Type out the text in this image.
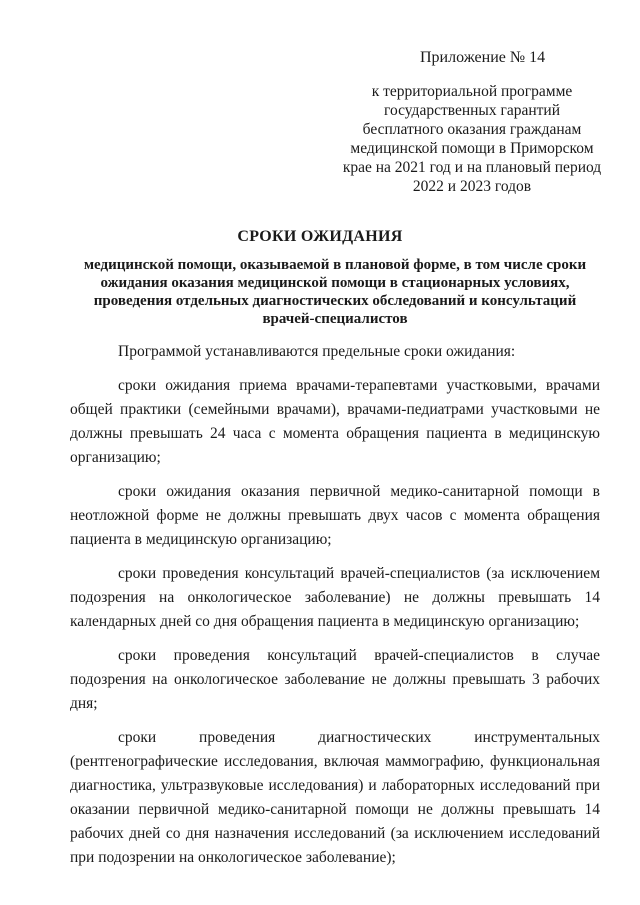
Приложение № 14
к территориальной программе государственных гарантий бесплатного оказания гражданам медицинской помощи в Приморском крае на 2021 год и на плановый период 2022 и 2023 годов
СРОКИ ОЖИДАНИЯ
медицинской помощи, оказываемой в плановой форме, в том числе сроки ожидания оказания медицинской помощи в стационарных условиях, проведения отдельных диагностических обследований и консультаций врачей-специалистов

Программой устанавливаются предельные сроки ожидания:

сроки ожидания приема врачами-терапевтами участковыми, врачами общей практики (семейными врачами), врачами-педиатрами участковыми не должны превышать 24 часа с момента обращения пациента в медицинскую организацию;

сроки ожидания оказания первичной медико-санитарной помощи в неотложной форме не должны превышать двух часов с момента обращения пациента в медицинскую организацию;

сроки проведения консультаций врачей-специалистов (за исключением подозрения на онкологическое заболевание) не должны превышать 14 календарных дней со дня обращения пациента в медицинскую организацию;

сроки проведения консультаций врачей-специалистов в случае подозрения на онкологическое заболевание не должны превышать 3 рабочих дня;

сроки проведения диагностических инструментальных (рентгенографические исследования, включая маммографию, функциональная диагностика, ультразвуковые исследования) и лабораторных исследований при оказании первичной медико-санитарной помощи не должны превышать 14 рабочих дней со дня назначения исследований (за исключением исследований при подозрении на онкологическое заболевание);
